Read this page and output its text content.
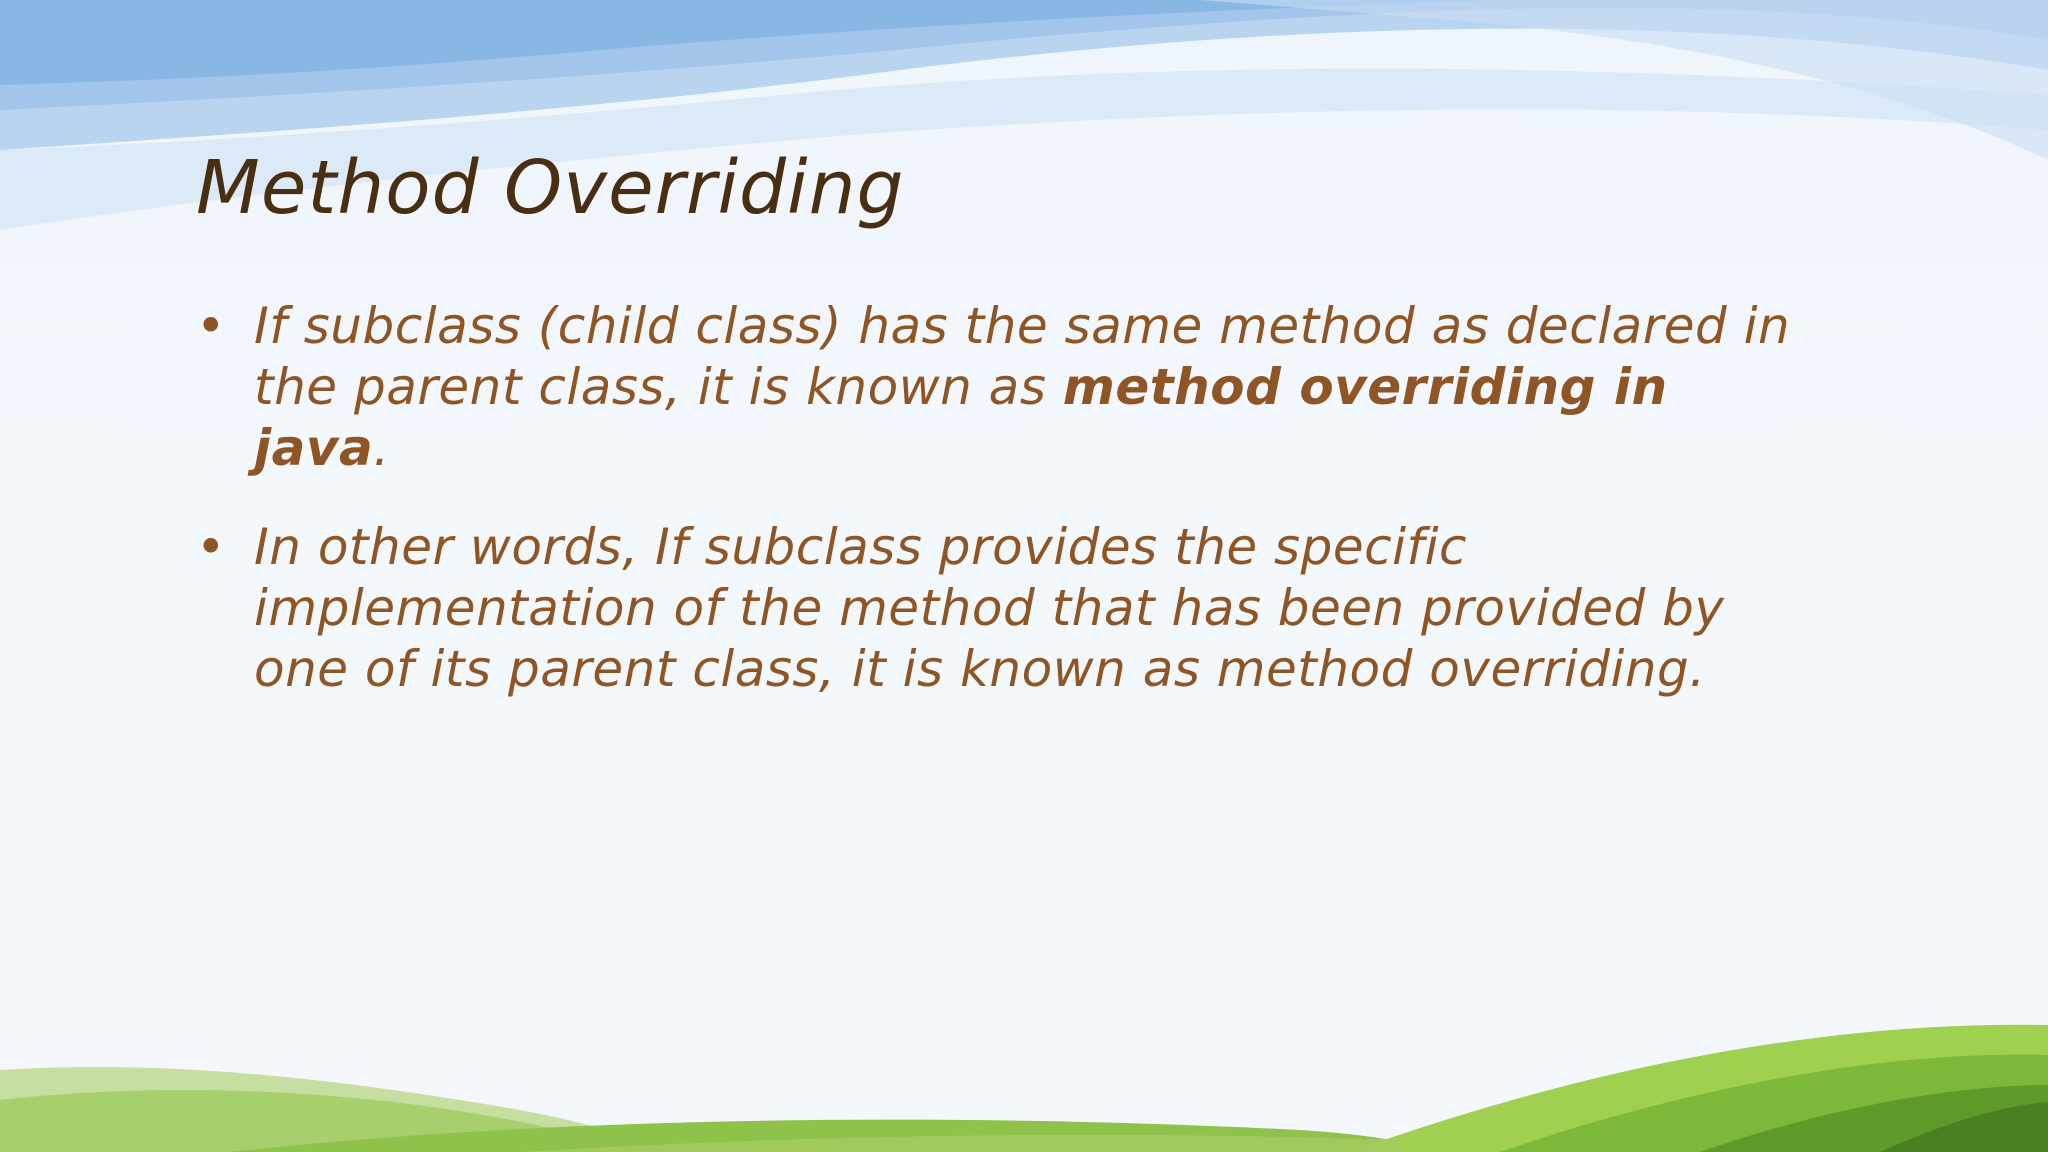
Method Overriding
• If subclass (child class) has the same method as declared in the parent class, it is known as method overriding in java.
• In other words, If subclass provides the specific implementation of the method that has been provided by one of its parent class, it is known as method overriding.
